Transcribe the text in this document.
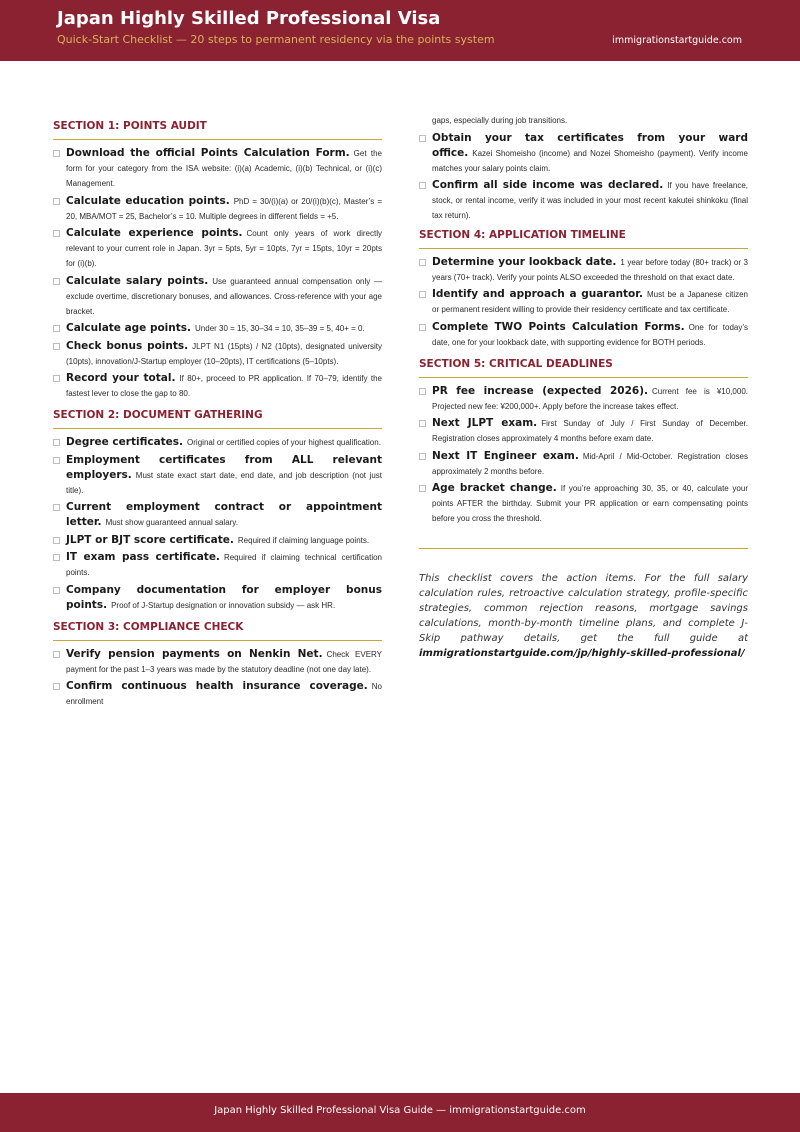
Japan Highly Skilled Professional Visa
Quick-Start Checklist — 20 steps to permanent residency via the points system	immigrationstartguide.com
SECTION 1: POINTS AUDIT
Download the official Points Calculation Form. Get the form for your category from the ISA website: (i)(a) Academic, (i)(b) Technical, or (i)(c) Management.
Calculate education points. PhD = 30/(i)(a) or 20/(i)(b)(c), Master’s = 20, MBA/MOT = 25, Bachelor’s = 10. Multiple degrees in different fields = +5.
Calculate experience points. Count only years of work directly relevant to your current role in Japan. 3yr = 5pts, 5yr = 10pts, 7yr = 15pts, 10yr = 20pts for (i)(b).
Calculate salary points. Use guaranteed annual compensation only — exclude overtime, discretionary bonuses, and allowances. Cross-reference with your age bracket.
Calculate age points. Under 30 = 15, 30–34 = 10, 35–39 = 5, 40+ = 0.
Check bonus points. JLPT N1 (15pts) / N2 (10pts), designated university (10pts), innovation/J-Startup employer (10–20pts), IT certifications (5–10pts).
Record your total. If 80+, proceed to PR application. If 70–79, identify the fastest lever to close the gap to 80.
SECTION 2: DOCUMENT GATHERING
Degree certificates. Original or certified copies of your highest qualification.
Employment certificates from ALL relevant employers. Must state exact start date, end date, and job description (not just title).
Current employment contract or appointment letter. Must show guaranteed annual salary.
JLPT or BJT score certificate. Required if claiming language points.
IT exam pass certificate. Required if claiming technical certification points.
Company documentation for employer bonus points. Proof of J-Startup designation or innovation subsidy — ask HR.
SECTION 3: COMPLIANCE CHECK
Verify pension payments on Nenkin Net. Check EVERY payment for the past 1–3 years was made by the statutory deadline (not one day late).
Confirm continuous health insurance coverage. No enrollment
gaps, especially during job transitions.
Obtain your tax certificates from your ward office. Kazei Shomeisho (income) and Nozei Shomeisho (payment). Verify income matches your salary points claim.
Confirm all side income was declared. If you have freelance, stock, or rental income, verify it was included in your most recent kakutei shinkoku (final tax return).
SECTION 4: APPLICATION TIMELINE
Determine your lookback date. 1 year before today (80+ track) or 3 years (70+ track). Verify your points ALSO exceeded the threshold on that exact date.
Identify and approach a guarantor. Must be a Japanese citizen or permanent resident willing to provide their residency certificate and tax certificate.
Complete TWO Points Calculation Forms. One for today’s date, one for your lookback date, with supporting evidence for BOTH periods.
SECTION 5: CRITICAL DEADLINES
PR fee increase (expected 2026). Current fee is ¥10,000. Projected new fee: ¥200,000+. Apply before the increase takes effect.
Next JLPT exam. First Sunday of July / First Sunday of December. Registration closes approximately 4 months before exam date.
Next IT Engineer exam. Mid-April / Mid-October. Registration closes approximately 2 months before.
Age bracket change. If you’re approaching 30, 35, or 40, calculate your points AFTER the birthday. Submit your PR application or earn compensating points before you cross the threshold.

This checklist covers the action items. For the full salary calculation rules, retroactive calculation strategy, profile-specific strategies, common rejection reasons, mortgage savings calculations, month-by-month timeline plans, and complete J-Skip pathway details, get the full guide at immigrationstartguide.com/jp/highly-skilled-professional/

Japan Highly Skilled Professional Visa Guide — immigrationstartguide.com
